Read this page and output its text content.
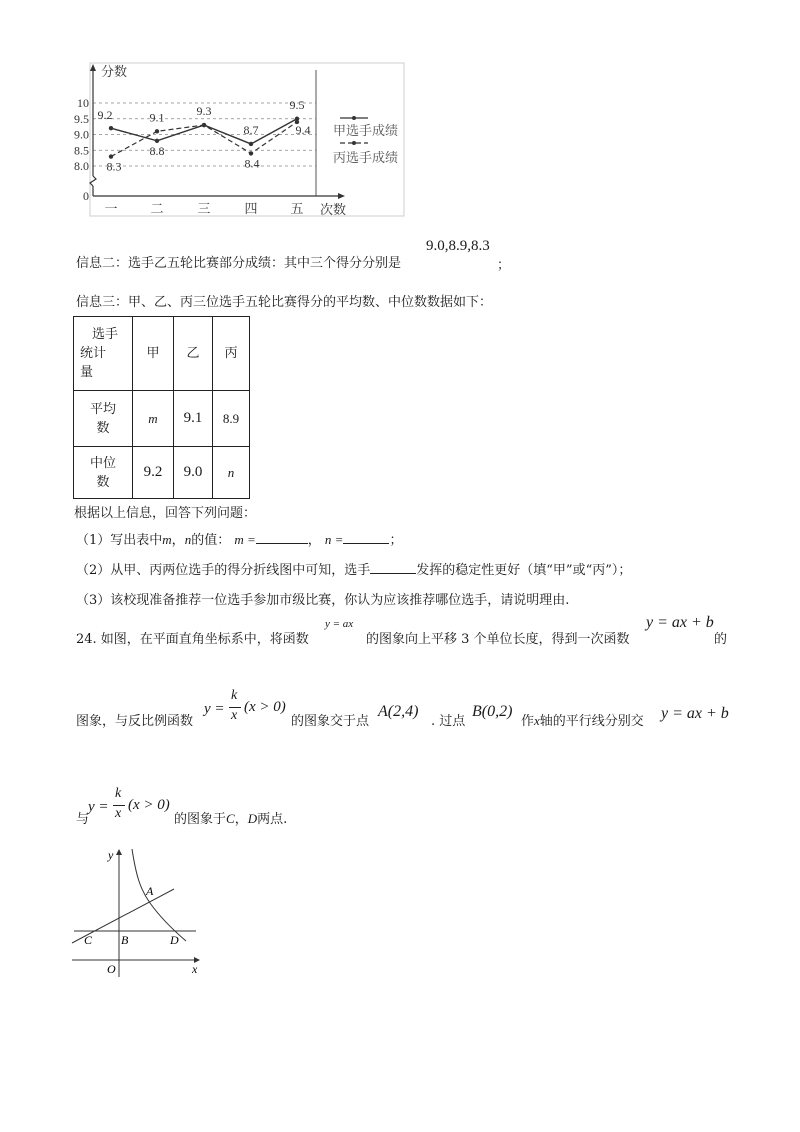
分数
次数
0
8.0
8.5
9.0
9.5
10
一	二	三	四	五
9.2
8.8
9.3
8.7
9.5
8.3
9.1
8.4
9.4 甲选手成绩
丙选手成绩
信息二：选手乙五轮比赛部分成绩：其中三个得分分别是
9.0,8.9,8.3
；
信息三：甲、乙、丙三位选手五轮比赛得分的平均数、中位数数据如下：
选手
统计
量	甲	乙	丙

平均
数	m	9.1	8.9

中位
数	9.2	9.0	n
根据以上信息，回答下列问题：
（1）写出表中m，n的值： m =	， n =	；
（2）从甲、丙两位选手的得分折线图中可知，选手	发挥的稳定性更好（填“甲”或“丙”）；
（3）该校现准备推荐一位选手参加市级比赛，你认为应该推荐哪位选手，请说明理由.
24. 如图，在平面直角坐标系中，将函数
y = ax
的图象向上平移 3 个单位长度，得到一次函数
y = ax + b
的
图象，与反比例函数
y =
k
x
(x > 0)
的图象交于点
A(2,4)
. 过点
B(0,2)
作x轴的平行线分别交 y = ax + b
与
y =
k
x
(x > 0)
的图象于C，D两点.
y
x
O
A
B
C	D
